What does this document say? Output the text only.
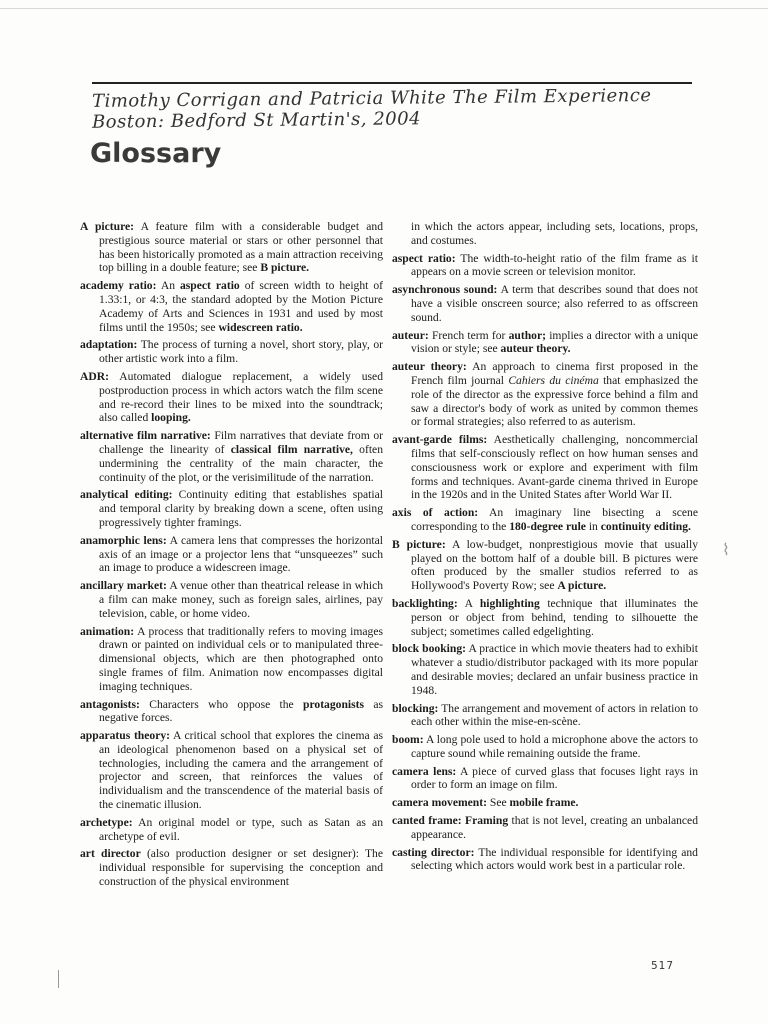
Timothy Corrigan and Patricia White The Film Experience
Boston: Bedford St Martin's, 2004
Glossary

A picture: A feature film with a considerable budget and prestigious source material or stars or other personnel that has been historically promoted as a main attraction receiving top billing in a double feature; see B picture.

academy ratio: An aspect ratio of screen width to height of 1.33:1, or 4:3, the standard adopted by the Motion Picture Academy of Arts and Sciences in 1931 and used by most films until the 1950s; see widescreen ratio.

adaptation: The process of turning a novel, short story, play, or other artistic work into a film.

ADR: Automated dialogue replacement, a widely used postproduction process in which actors watch the film scene and re-record their lines to be mixed into the soundtrack; also called looping.

alternative film narrative: Film narratives that deviate from or challenge the linearity of classical film narrative, often undermining the centrality of the main character, the continuity of the plot, or the verisimilitude of the narration.

analytical editing: Continuity editing that establishes spatial and temporal clarity by breaking down a scene, often using progressively tighter framings.

anamorphic lens: A camera lens that compresses the horizontal axis of an image or a projector lens that “unsqueezes” such an image to produce a widescreen image.

ancillary market: A venue other than theatrical release in which a film can make money, such as foreign sales, airlines, pay television, cable, or home video.

animation: A process that traditionally refers to moving images drawn or painted on individual cels or to manipulated three-dimensional objects, which are then photographed onto single frames of film. Animation now encompasses digital imaging techniques.

antagonists: Characters who oppose the protagonists as negative forces.

apparatus theory: A critical school that explores the cinema as an ideological phenomenon based on a physical set of technologies, including the camera and the arrangement of projector and screen, that reinforces the values of individualism and the transcendence of the material basis of the cinematic illusion.

archetype: An original model or type, such as Satan as an archetype of evil.

art director (also production designer or set designer): The individual responsible for supervising the conception and construction of the physical environment

in which the actors appear, including sets, locations, props, and costumes.

aspect ratio: The width-to-height ratio of the film frame as it appears on a movie screen or television monitor.

asynchronous sound: A term that describes sound that does not have a visible onscreen source; also referred to as offscreen sound.

auteur: French term for author; implies a director with a unique vision or style; see auteur theory.

auteur theory: An approach to cinema first proposed in the French film journal Cahiers du cinéma that emphasized the role of the director as the expressive force behind a film and saw a director's body of work as united by common themes or formal strategies; also referred to as auterism.

avant-garde films: Aesthetically challenging, noncommercial films that self-consciously reflect on how human senses and consciousness work or explore and experiment with film forms and techniques. Avant-garde cinema thrived in Europe in the 1920s and in the United States after World War II.

axis of action: An imaginary line bisecting a scene corresponding to the 180-degree rule in continuity editing.

B picture: A low-budget, nonprestigious movie that usually played on the bottom half of a double bill. B pictures were often produced by the smaller studios referred to as Hollywood's Poverty Row; see A picture.

backlighting: A highlighting technique that illuminates the person or object from behind, tending to silhouette the subject; sometimes called edgelighting.

block booking: A practice in which movie theaters had to exhibit whatever a studio/distributor packaged with its more popular and desirable movies; declared an unfair business practice in 1948.

blocking: The arrangement and movement of actors in relation to each other within the mise-en-scène.

boom: A long pole used to hold a microphone above the actors to capture sound while remaining outside the frame.

camera lens: A piece of curved glass that focuses light rays in order to form an image on film.

camera movement: See mobile frame.

canted frame: Framing that is not level, creating an unbalanced appearance.

casting director: The individual responsible for identifying and selecting which actors would work best in a particular role.

⌇
517
